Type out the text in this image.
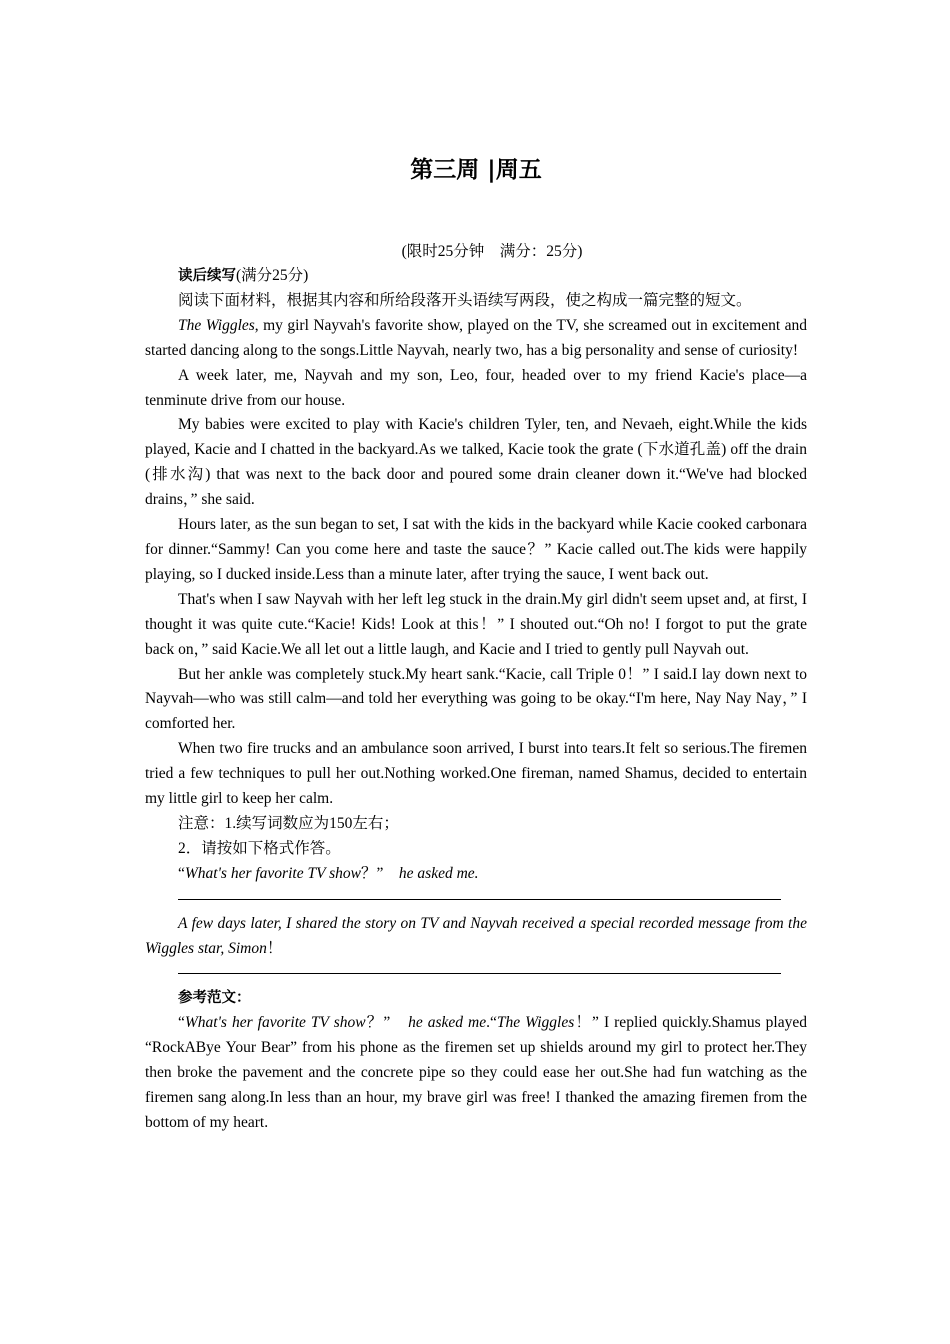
第三周 |周五
(限时25分钟　满分：25分)

读后续写(满分25分)

阅读下面材料，根据其内容和所给段落开头语续写两段，使之构成一篇完整的短文。

The Wiggles, my girl Nayvah's favorite show, played on the TV, she screamed out in excitement and started dancing along to the songs.Little Nayvah, nearly two, has a big personality and sense of curiosity!

A week later, me, Nayvah and my son, Leo, four, headed over to my friend Kacie's place—a tenminute drive from our house.

My babies were excited to play with Kacie's children Tyler, ten, and Nevaeh, eight.While the kids played, Kacie and I chatted in the backyard.As we talked, Kacie took the grate (下水道孔盖) off the drain (排水沟) that was next to the back door and poured some drain cleaner down it.“We've had blocked drains，” she said.

Hours later, as the sun began to set, I sat with the kids in the backyard while Kacie cooked carbonara for dinner.“Sammy! Can you come here and taste the sauce？” Kacie called out.The kids were happily playing, so I ducked inside.Less than a minute later, after trying the sauce, I went back out.

That's when I saw Nayvah with her left leg stuck in the drain.My girl didn't seem upset and, at first, I thought it was quite cute.“Kacie! Kids! Look at this！” I shouted out.“Oh no! I forgot to put the grate back on，” said Kacie.We all let out a little laugh, and Kacie and I tried to gently pull Nayvah out.

But her ankle was completely stuck.My heart sank.“Kacie, call Triple 0！” I said.I lay down next to Nayvah—who was still calm—and told her everything was going to be okay.“I'm here, Nay Nay Nay，” I comforted her.

When two fire trucks and an ambulance soon arrived, I burst into tears.It felt so serious.The firemen tried a few techniques to pull her out.Nothing worked.One fireman, named Shamus, decided to entertain my little girl to keep her calm.

注意：1.续写词数应为150左右；

2．请按如下格式作答。

“What's her favorite TV show？”　he asked me.

A few days later, I shared the story on TV and Nayvah received a special recorded message from the Wiggles star, Simon！

参考范文：

“What's her favorite TV show？”　he asked me.“The Wiggles！” I replied quickly.Shamus played “RockAByе Your Bear” from his phone as the firemen set up shields around my girl to protect her.They then broke the pavement and the concrete pipe so they could ease her out.She had fun watching as the firemen sang along.In less than an hour, my brave girl was free! I thanked the amazing firemen from the bottom of my heart.
